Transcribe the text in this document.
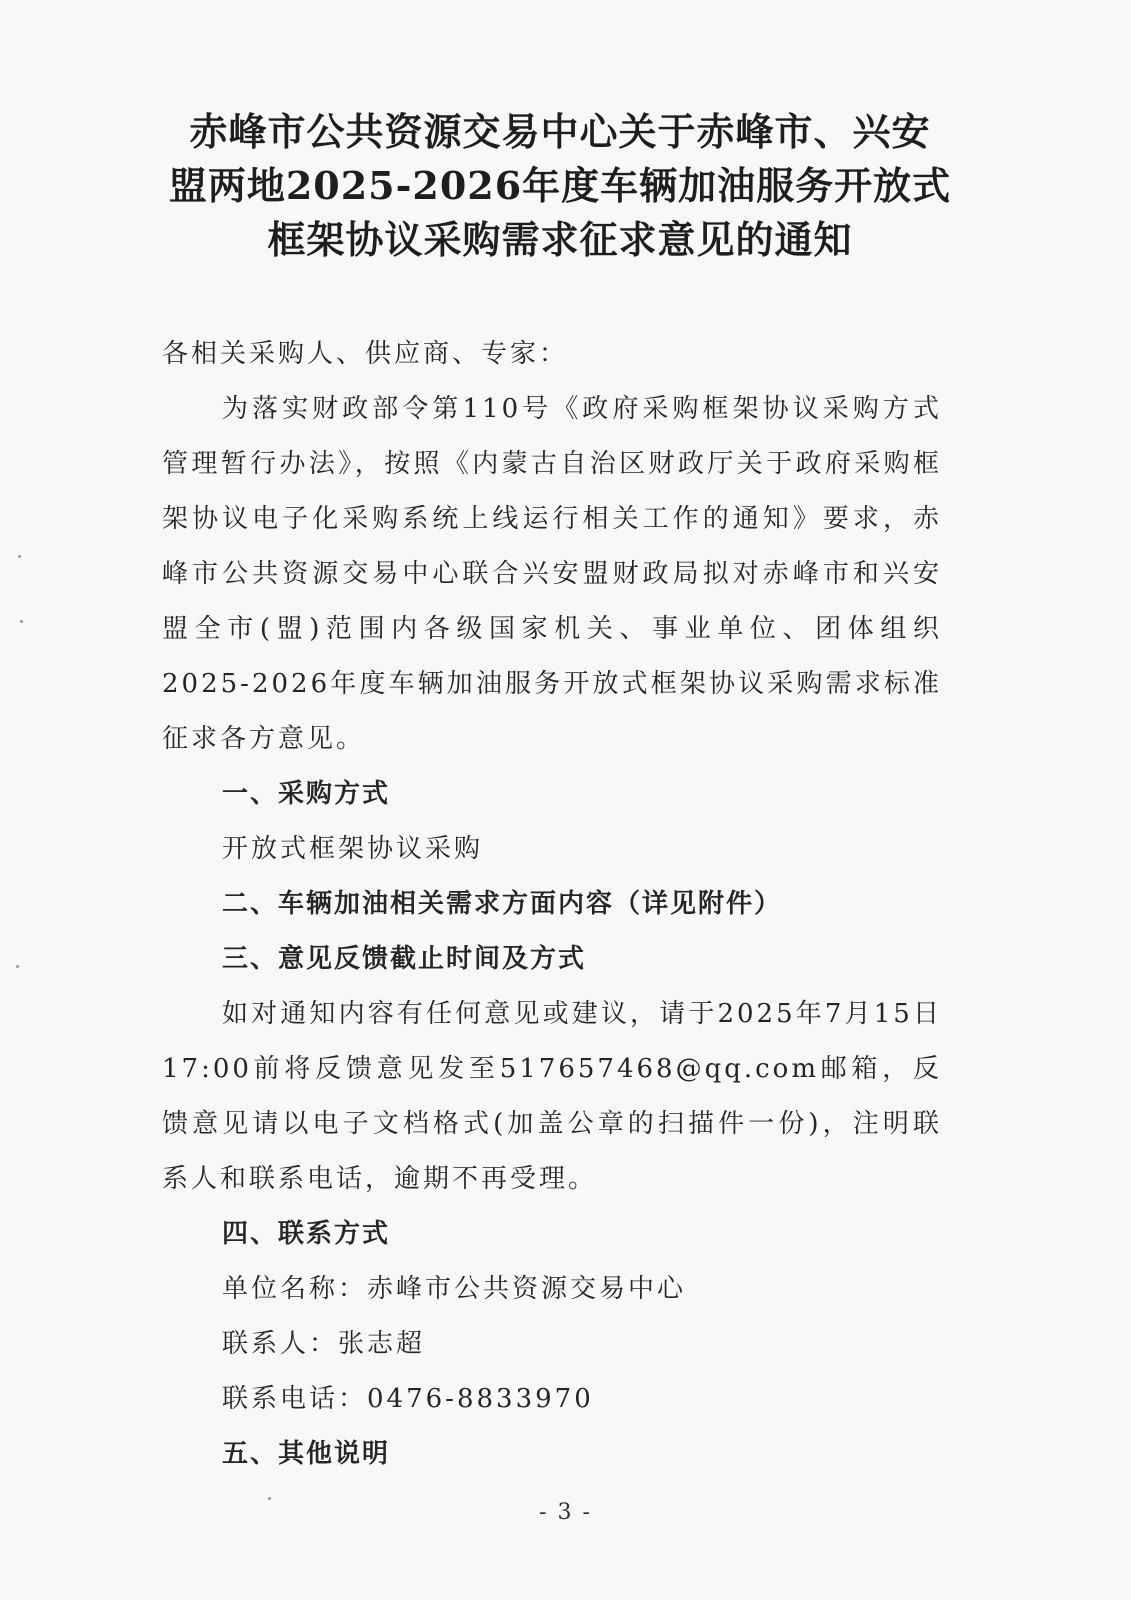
赤峰市公共资源交易中心关于赤峰市、兴安
盟两地2025-2026年度车辆加油服务开放式
框架协议采购需求征求意见的通知
各相关采购人、供应商、专家：

为落实财政部令第110号《政府采购框架协议采购方式管理暂行办法》，按照《内蒙古自治区财政厅关于政府采购框架协议电子化采购系统上线运行相关工作的通知》要求，赤峰市公共资源交易中心联合兴安盟财政局拟对赤峰市和兴安盟全市(盟)范围内各级国家机关、事业单位、团体组织2025-2026年度车辆加油服务开放式框架协议采购需求标准征求各方意见。

一、采购方式
开放式框架协议采购
二、车辆加油相关需求方面内容（详见附件）
三、意见反馈截止时间及方式

如对通知内容有任何意见或建议，请于2025年7月15日17:00前将反馈意见发至517657468@qq.com邮箱，反馈意见请以电子文档格式(加盖公章的扫描件一份)，注明联系人和联系电话，逾期不再受理。

四、联系方式
单位名称：赤峰市公共资源交易中心
联系人：张志超
联系电话：0476-8833970
五、其他说明
- 3 -
